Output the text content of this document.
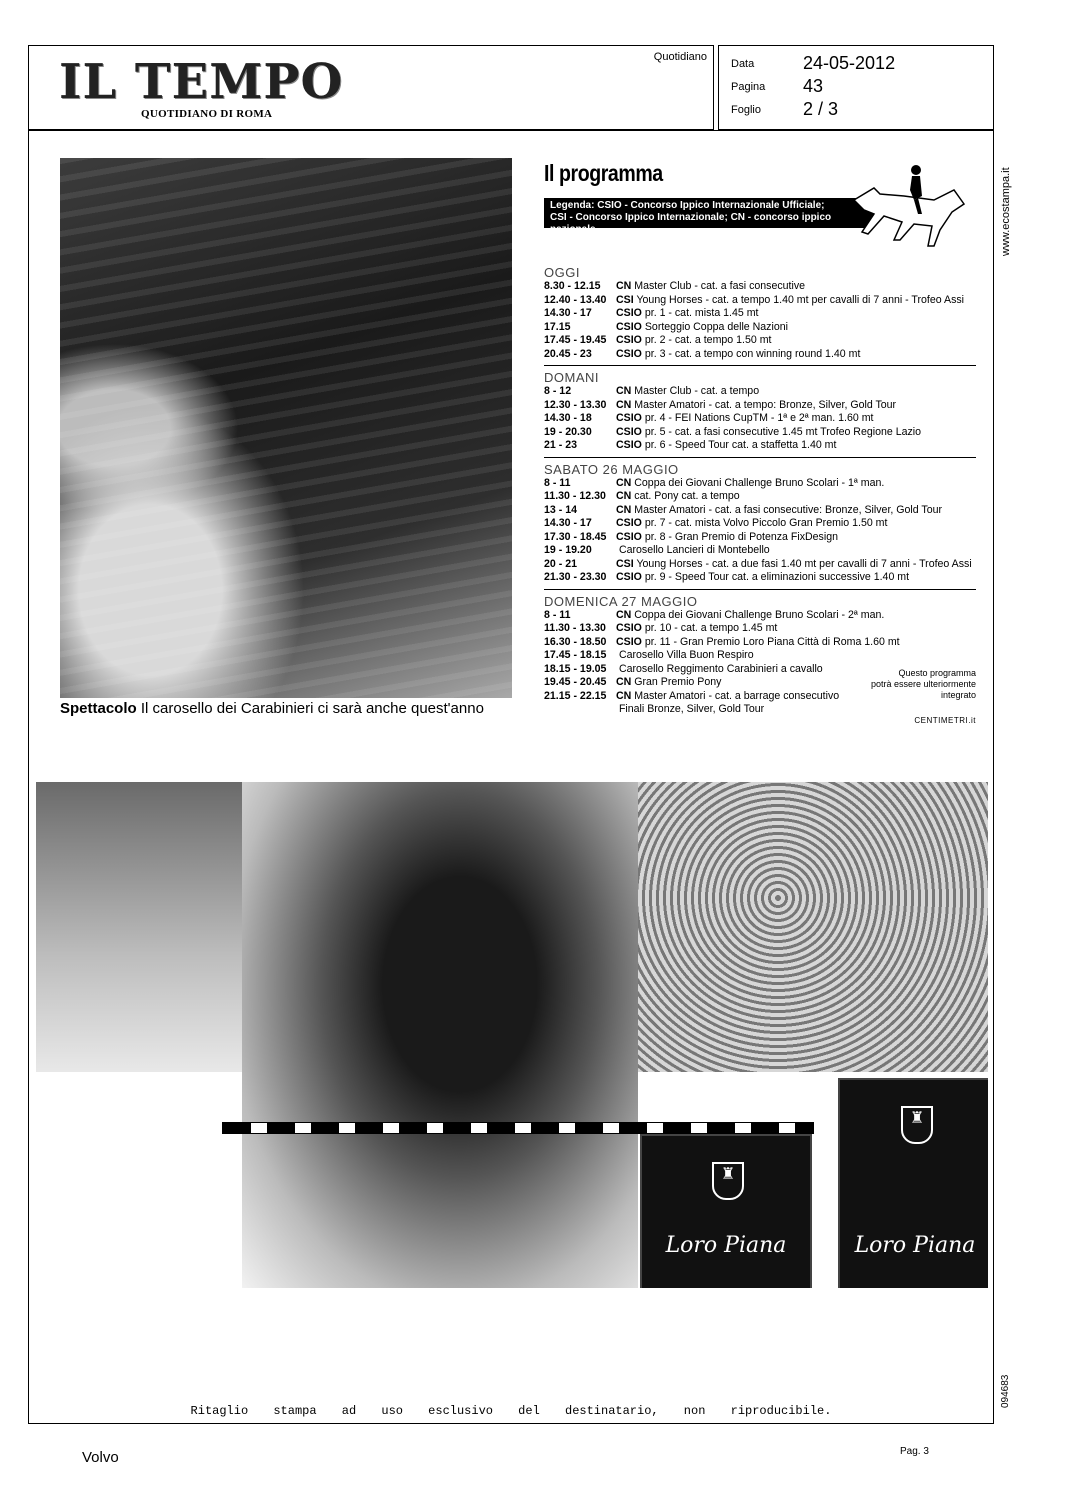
IL TEMPO
QUOTIDIANO DI ROMA
Quotidiano
Data	24-05-2012
Pagina 43
Foglio 2 / 3
Spettacolo Il carosello dei Carabinieri ci sarà anche quest'anno
Il programma
Legenda: CSIO - Concorso Ippico Internazionale Ufficiale;
CSI - Concorso Ippico Internazionale; CN - concorso ippico nazionale

OGGI

8.30 - 12.15 CN Master Club - cat. a fasi consecutive
12.40 - 13.40 CSI Young Horses - cat. a tempo 1.40 mt per cavalli di 7 anni - Trofeo Assi
14.30 - 17 CSIO pr. 1 - cat. mista 1.45 mt
17.15	CSIO Sorteggio Coppa delle Nazioni
17.45 - 19.45 CSIO pr. 2 - cat. a tempo 1.50 mt
20.45 - 23 CSIO pr. 3 - cat. a tempo con winning round 1.40 mt

DOMANI

8 - 12	CN Master Club - cat. a tempo
12.30 - 13.30 CN Master Amatori - cat. a tempo: Bronze, Silver, Gold Tour
14.30 - 18 CSIO pr. 4 - FEI Nations CupTM - 1ª e 2ª man. 1.60 mt
19 - 20.30 CSIO pr. 5 - cat. a fasi consecutive 1.45 mt Trofeo Regione Lazio
21 - 23	CSIO pr. 6 - Speed Tour cat. a staffetta 1.40 mt

SABATO 26 MAGGIO

8 - 11	CN Coppa dei Giovani Challenge Bruno Scolari - 1ª man.
11.30 - 12.30 CN cat. Pony cat. a tempo
13 - 14	CN Master Amatori - cat. a fasi consecutive: Bronze, Silver, Gold Tour
14.30 - 17 CSIO pr. 7 - cat. mista Volvo Piccolo Gran Premio 1.50 mt
17.30 - 18.45 CSIO pr. 8 - Gran Premio di Potenza FixDesign
19 - 19.20	Carosello Lancieri di Montebello
20 - 21	CSI Young Horses - cat. a due fasi 1.40 mt per cavalli di 7 anni - Trofeo Assi
21.30 - 23.30 CSIO pr. 9 - Speed Tour cat. a eliminazioni successive 1.40 mt

DOMENICA 27 MAGGIO

8 - 11	CN Coppa dei Giovani Challenge Bruno Scolari - 2ª man.
11.30 - 13.30 CSIO pr. 10 - cat. a tempo 1.45 mt
16.30 - 18.50 CSIO pr. 11 - Gran Premio Loro Piana Città di Roma 1.60 mt
17.45 - 18.15 Carosello Villa Buon Respiro
18.15 - 19.05 Carosello Reggimento Carabinieri a cavallo
19.45 - 20.45 CN Gran Premio Pony
21.15 - 22.15 CN Master Amatori - cat. a barrage consecutivo
Finali Bronze, Silver, Gold Tour
Questo programma
potrà essere ulteriormente
integrato
CENTIMETRI.it
♜
Loro Piana
♜
Loro Piana
www.ecostampa.it
094683
Ritaglio stampa ad uso esclusivo del destinatario, non riproducibile.
Volvo	Pag. 3
